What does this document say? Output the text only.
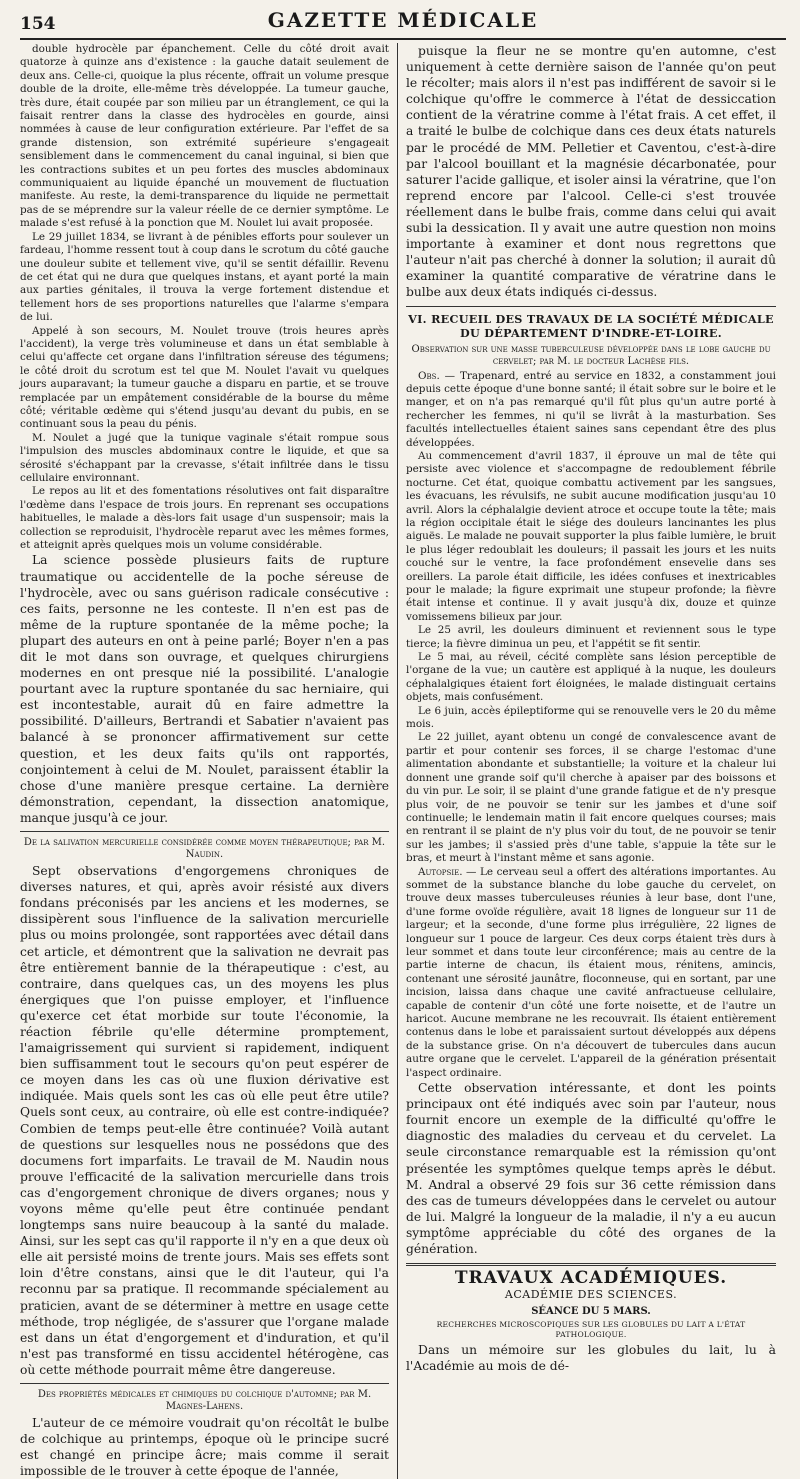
154	GAZETTE MÉDICALE

double hydrocèle par épanchement. Celle du côté droit avait quatorze à quinze ans d'existence : la gauche datait seulement de deux ans. Celle-ci, quoique la plus récente, offrait un volume presque double de la droite, elle-même très développée. La tumeur gauche, très dure, était coupée par son milieu par un étranglement, ce qui la faisait rentrer dans la classe des hydrocèles en gourde, ainsi nommées à cause de leur configuration extérieure. Par l'effet de sa grande distension, son extrémité supérieure s'engageait sensiblement dans le commencement du canal inguinal, si bien que les contractions subites et un peu fortes des muscles abdominaux communiquaient au liquide épanché un mouvement de fluctuation manifeste. Au reste, la demi-transparence du liquide ne permettait pas de se méprendre sur la valeur réelle de ce dernier symptôme. Le malade s'est refusé à la ponction que M. Noulet lui avait proposée.

Le 29 juillet 1834, se livrant à de pénibles efforts pour soulever un fardeau, l'homme ressent tout à coup dans le scrotum du côté gauche une douleur subite et tellement vive, qu'il se sentit défaillir. Revenu de cet état qui ne dura que quelques instans, et ayant porté la main aux parties génitales, il trouva la verge fortement distendue et tellement hors de ses proportions naturelles que l'alarme s'empara de lui.

Appelé à son secours, M. Noulet trouve (trois heures après l'accident), la verge très volumineuse et dans un état semblable à celui qu'affecte cet organe dans l'infiltration séreuse des tégumens; le côté droit du scrotum est tel que M. Noulet l'avait vu quelques jours auparavant; la tumeur gauche a disparu en partie, et se trouve remplacée par un empâtement considérable de la bourse du même côté; véritable œdème qui s'étend jusqu'au devant du pubis, en se continuant sous la peau du pénis.

M. Noulet a jugé que la tunique vaginale s'était rompue sous l'impulsion des muscles abdominaux contre le liquide, et que sa sérosité s'échappant par la crevasse, s'était infiltrée dans le tissu cellulaire environnant.

Le repos au lit et des fomentations résolutives ont fait disparaître l'œdème dans l'espace de trois jours. En reprenant ses occupations habituelles, le malade a dès-lors fait usage d'un suspensoir; mais la collection se reproduisit, l'hydrocèle reparut avec les mêmes formes, et atteignit après quelques mois un volume considérable.

La science possède plusieurs faits de rupture traumatique ou accidentelle de la poche séreuse de l'hydrocèle, avec ou sans guérison radicale consécutive : ces faits, personne ne les conteste. Il n'en est pas de même de la rupture spontanée de la même poche; la plupart des auteurs en ont à peine parlé; Boyer n'en a pas dit le mot dans son ouvrage, et quelques chirurgiens modernes en ont presque nié la possibilité. L'analogie pourtant avec la rupture spontanée du sac herniaire, qui est incontestable, aurait dû en faire admettre la possibilité. D'ailleurs, Bertrandi et Sabatier n'avaient pas balancé à se prononcer affirmativement sur cette question, et les deux faits qu'ils ont rapportés, conjointement à celui de M. Noulet, paraissent établir la chose d'une manière presque certaine. La dernière démonstration, cependant, la dissection anatomique, manque jusqu'à ce jour.

De la salivation mercurielle considérée comme moyen thérapeutique; par M. Naudin.

Sept observations d'engorgemens chroniques de diverses natures, et qui, après avoir résisté aux divers fondans préconisés par les anciens et les modernes, se dissipèrent sous l'influence de la salivation mercurielle plus ou moins prolongée, sont rapportées avec détail dans cet article, et démontrent que la salivation ne devrait pas être entièrement bannie de la thérapeutique : c'est, au contraire, dans quelques cas, un des moyens les plus énergiques que l'on puisse employer, et l'influence qu'exerce cet état morbide sur toute l'économie, la réaction fébrile qu'elle détermine promptement, l'amaigrissement qui survient si rapidement, indiquent bien suffisamment tout le secours qu'on peut espérer de ce moyen dans les cas où une fluxion dérivative est indiquée. Mais quels sont les cas où elle peut être utile? Quels sont ceux, au contraire, où elle est contre-indiquée? Combien de temps peut-elle être continuée? Voilà autant de questions sur lesquelles nous ne possédons que des documens fort imparfaits. Le travail de M. Naudin nous prouve l'efficacité de la salivation mercurielle dans trois cas d'engorgement chronique de divers organes; nous y voyons même qu'elle peut être continuée pendant longtemps sans nuire beaucoup à la santé du malade. Ainsi, sur les sept cas qu'il rapporte il n'y en a que deux où elle ait persisté moins de trente jours. Mais ses effets sont loin d'être constans, ainsi que le dit l'auteur, qui l'a reconnu par sa pratique. Il recommande spécialement au praticien, avant de se déterminer à mettre en usage cette méthode, trop négligée, de s'assurer que l'organe malade est dans un état d'engorgement et d'induration, et qu'il n'est pas transformé en tissu accidentel hétérogène, cas où cette méthode pourrait même être dangereuse.

Des propriétés médicales et chimiques du colchique d'automne; par M. Magnes-Lahens.

L'auteur de ce mémoire voudrait qu'on récoltât le bulbe de colchique au printemps, époque où le principe sucré est changé en principe âcre; mais comme il serait impossible de le trouver à cette époque de l'année,

puisque la fleur ne se montre qu'en automne, c'est uniquement à cette dernière saison de l'année qu'on peut le récolter; mais alors il n'est pas indifférent de savoir si le colchique qu'offre le commerce à l'état de dessiccation contient de la vératrine comme à l'état frais. A cet effet, il a traité le bulbe de colchique dans ces deux états naturels par le procédé de MM. Pelletier et Caventou, c'est-à-dire par l'alcool bouillant et la magnésie décarbonatée, pour saturer l'acide gallique, et isoler ainsi la vératrine, que l'on reprend encore par l'alcool. Celle-ci s'est trouvée réellement dans le bulbe frais, comme dans celui qui avait subi la dessication. Il y avait une autre question non moins importante à examiner et dont nous regrettons que l'auteur n'ait pas cherché à donner la solution; il aurait dû examiner la quantité comparative de vératrine dans le bulbe aux deux états indiqués ci-dessus.

VI. RECUEIL DES TRAVAUX DE LA SOCIÉTÉ MÉDICALE DU DÉPARTEMENT D'INDRE-ET-LOIRE.

Observation sur une masse tuberculeuse développée dans le lobe gauche du cervelet; par M. le docteur Lachèse fils.

Obs. — Trapenard, entré au service en 1832, a constamment joui depuis cette époque d'une bonne santé; il était sobre sur le boire et le manger, et on n'a pas remarqué qu'il fût plus qu'un autre porté à rechercher les femmes, ni qu'il se livrât à la masturbation. Ses facultés intellectuelles étaient saines sans cependant être des plus développées.

Au commencement d'avril 1837, il éprouve un mal de tête qui persiste avec violence et s'accompagne de redoublement fébrile nocturne. Cet état, quoique combattu activement par les sangsues, les évacuans, les révulsifs, ne subit aucune modification jusqu'au 10 avril. Alors la céphalalgie devient atroce et occupe toute la tête; mais la région occipitale était le siége des douleurs lancinantes les plus aiguës. Le malade ne pouvait supporter la plus faible lumière, le bruit le plus léger redoublait les douleurs; il passait les jours et les nuits couché sur le ventre, la face profondément ensevelie dans ses oreillers. La parole était difficile, les idées confuses et inextricables pour le malade; la figure exprimait une stupeur profonde; la fièvre était intense et continue. Il y avait jusqu'à dix, douze et quinze vomissemens bilieux par jour.

Le 25 avril, les douleurs diminuent et reviennent sous le type tierce; la fièvre diminua un peu, et l'appétit se fit sentir.

Le 5 mai, au réveil, cécité complète sans lésion perceptible de l'organe de la vue; un cautère est appliqué à la nuque, les douleurs céphalalgiques étaient fort éloignées, le malade distinguait certains objets, mais confusément.

Le 6 juin, accès épileptiforme qui se renouvelle vers le 20 du même mois.

Le 22 juillet, ayant obtenu un congé de convalescence avant de partir et pour contenir ses forces, il se charge l'estomac d'une alimentation abondante et substantielle; la voiture et la chaleur lui donnent une grande soif qu'il cherche à apaiser par des boissons et du vin pur. Le soir, il se plaint d'une grande fatigue et de n'y presque plus voir, de ne pouvoir se tenir sur les jambes et d'une soif continuelle; le lendemain matin il fait encore quelques courses; mais en rentrant il se plaint de n'y plus voir du tout, de ne pouvoir se tenir sur les jambes; il s'assied près d'une table, s'appuie la tête sur le bras, et meurt à l'instant même et sans agonie.

Autopsie. — Le cerveau seul a offert des altérations importantes. Au sommet de la substance blanche du lobe gauche du cervelet, on trouve deux masses tuberculeuses réunies à leur base, dont l'une, d'une forme ovoïde régulière, avait 18 lignes de longueur sur 11 de largeur; et la seconde, d'une forme plus irrégulière, 22 lignes de longueur sur 1 pouce de largeur. Ces deux corps étaient très durs à leur sommet et dans toute leur circonférence; mais au centre de la partie interne de chacun, ils étaient mous, rénitens, amincis, contenant une sérosité jaunâtre, floconneuse, qui en sortant, par une incision, laissa dans chaque une cavité anfractueuse cellulaire, capable de contenir d'un côté une forte noisette, et de l'autre un haricot. Aucune membrane ne les recouvrait. Ils étaient entièrement contenus dans le lobe et paraissaient surtout développés aux dépens de la substance grise. On n'a découvert de tubercules dans aucun autre organe que le cervelet. L'appareil de la génération présentait l'aspect ordinaire.

Cette observation intéressante, et dont les points principaux ont été indiqués avec soin par l'auteur, nous fournit encore un exemple de la difficulté qu'offre le diagnostic des maladies du cerveau et du cervelet. La seule circonstance remarquable est la rémission qu'ont présentée les symptômes quelque temps après le début. M. Andral a observé 29 fois sur 36 cette rémission dans des cas de tumeurs développées dans le cervelet ou autour de lui. Malgré la longueur de la maladie, il n'y a eu aucun symptôme appréciable du côté des organes de la génération.

TRAVAUX ACADÉMIQUES.
ACADÉMIE DES SCIENCES.
SÉANCE DU 5 MARS.
RECHERCHES MICROSCOPIQUES SUR LES GLOBULES DU LAIT A L'ÉTAT PATHOLOGIQUE.

Dans un mémoire sur les globules du lait, lu à l'Académie au mois de dé-
